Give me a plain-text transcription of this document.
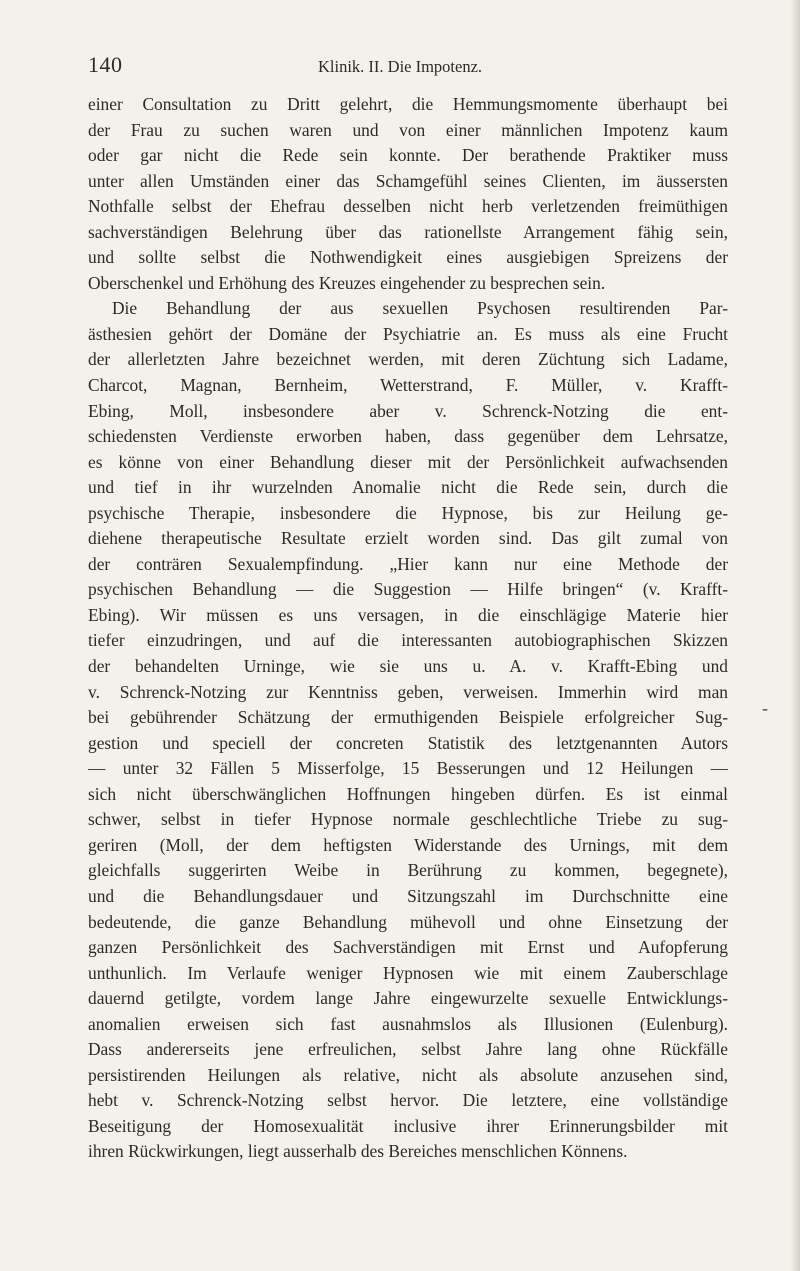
140	Klinik. II. Die Impotenz.
einer Consultation zu Dritt gelehrt, die Hemmungsmomente überhaupt bei
der Frau zu suchen waren und von einer männlichen Impotenz kaum
oder gar nicht die Rede sein konnte. Der berathende Praktiker muss
unter allen Umständen einer das Schamgefühl seines Clienten, im äussersten
Nothfalle selbst der Ehefrau desselben nicht herb verletzenden freimüthigen
sachverständigen Belehrung über das rationellste Arrangement fähig sein,
und sollte selbst die Nothwendigkeit eines ausgiebigen Spreizens der
Oberschenkel und Erhöhung des Kreuzes eingehender zu besprechen sein.
Die Behandlung der aus sexuellen Psychosen resultirenden Par-
ästhesien gehört der Domäne der Psychiatrie an. Es muss als eine Frucht
der allerletzten Jahre bezeichnet werden, mit deren Züchtung sich Ladame,
Charcot, Magnan, Bernheim, Wetterstrand, F. Müller, v. Krafft-
Ebing, Moll, insbesondere aber v. Schrenck-Notzing die ent-
schiedensten Verdienste erworben haben, dass gegenüber dem Lehrsatze,
es könne von einer Behandlung dieser mit der Persönlichkeit aufwachsenden
und tief in ihr wurzelnden Anomalie nicht die Rede sein, durch die
psychische Therapie, insbesondere die Hypnose, bis zur Heilung ge-
diehene therapeutische Resultate erzielt worden sind. Das gilt zumal von
der conträren Sexualempfindung. „Hier kann nur eine Methode der
psychischen Behandlung — die Suggestion — Hilfe bringen“ (v. Krafft-
Ebing). Wir müssen es uns versagen, in die einschlägige Materie hier
tiefer einzudringen, und auf die interessanten autobiographischen Skizzen
der behandelten Urninge, wie sie uns u. A. v. Krafft-Ebing und
v. Schrenck-Notzing zur Kenntniss geben, verweisen. Immerhin wird man
bei gebührender Schätzung der ermuthigenden Beispiele erfolgreicher Sug-
gestion und speciell der concreten Statistik des letztgenannten Autors
— unter 32 Fällen 5 Misserfolge, 15 Besserungen und 12 Heilungen —
sich nicht überschwänglichen Hoffnungen hingeben dürfen. Es ist einmal
schwer, selbst in tiefer Hypnose normale geschlechtliche Triebe zu sug-
geriren (Moll, der dem heftigsten Widerstande des Urnings, mit dem
gleichfalls suggerirten Weibe in Berührung zu kommen, begegnete),
und die Behandlungsdauer und Sitzungszahl im Durchschnitte eine
bedeutende, die ganze Behandlung mühevoll und ohne Einsetzung der
ganzen Persönlichkeit des Sachverständigen mit Ernst und Aufopferung
unthunlich. Im Verlaufe weniger Hypnosen wie mit einem Zauberschlage
dauernd getilgte, vordem lange Jahre eingewurzelte sexuelle Entwicklungs-
anomalien erweisen sich fast ausnahmslos als Illusionen (Eulenburg).
Dass andererseits jene erfreulichen, selbst Jahre lang ohne Rückfälle
persistirenden Heilungen als relative, nicht als absolute anzusehen sind,
hebt v. Schrenck-Notzing selbst hervor. Die letztere, eine vollständige
Beseitigung der Homosexualität inclusive ihrer Erinnerungsbilder mit
ihren Rückwirkungen, liegt ausserhalb des Bereiches menschlichen Könnens.
-
